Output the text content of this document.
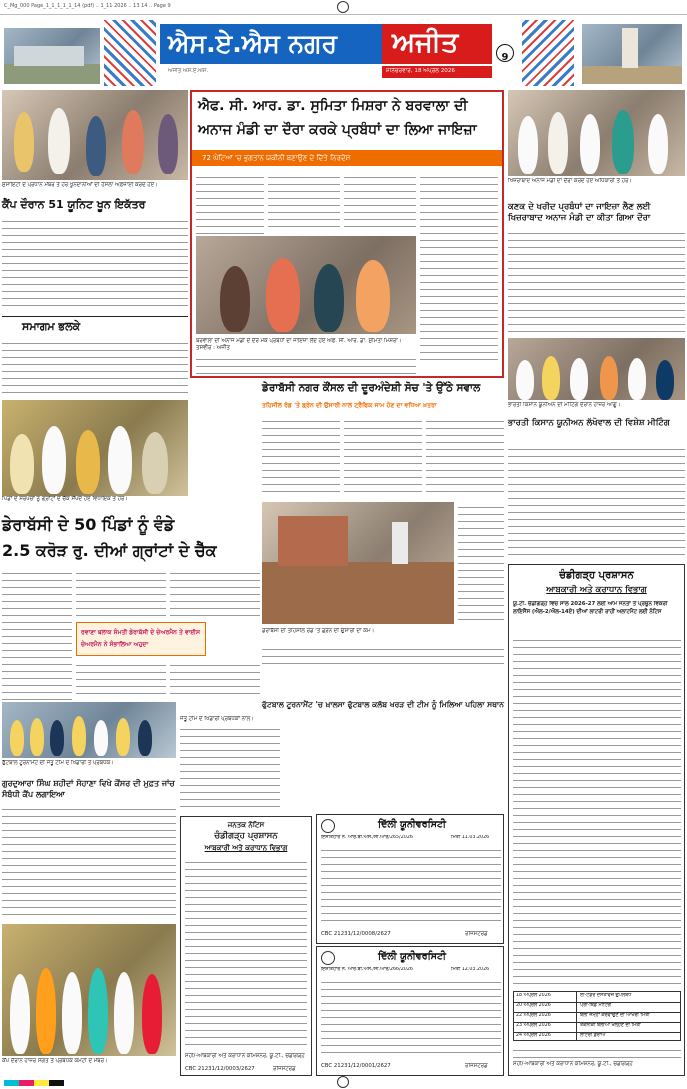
C_Mg_000 Page_1_1_1_1_1_14 (pdf) .. 1_11 2026 .. 13 14 .. Page 9
ਐਸ.ਏ.ਐਸ ਨਗਰ ਅਜੀਤ
ਅਜੀਤ ਐਸ.ਏ.ਐਸ.	ਸ਼ਨਿੱਚਰਵਾਰ, 18 ਅਪ੍ਰੈਲ 2026
9
ਸੁਸਾਇਟੀ ਦੇ ਪ੍ਰਧਾਨ ਮੈਂਬਰ ਤੇ ਹੋਰ ਖੂਨਦਾਨੀਆਂ ਦੀ ਹੌਸਲਾ ਅਫ਼ਜ਼ਾਈ ਕਰਦੇ ਹੋਏ।
ਕੈਂਪ ਦੌਰਾਨ 51 ਯੂਨਿਟ ਖੂਨ ਇਕੱਤਰ
ਸਮਾਗਮ ਭਲਕੇ
ਐਫ. ਸੀ. ਆਰ. ਡਾ. ਸੁਮਿਤਾ ਮਿਸ਼ਰਾ ਨੇ ਬਰਵਾਲਾ ਦੀ
ਅਨਾਜ ਮੰਡੀ ਦਾ ਦੌਰਾ ਕਰਕੇ ਪ੍ਰਬੰਧਾਂ ਦਾ ਲਿਆ ਜਾਇਜ਼ਾ
72 ਘੰਟਿਆਂ 'ਚ ਭੁਗਤਾਨ ਯਕੀਨੀ ਬਣਾਉਣ ਦੇ ਦਿੱਤੇ ਨਿਰਦੇਸ਼
ਬਰਵਾਲਾ ਦੀ ਅਨਾਜ ਮੰਡੀ ਦੇ ਦੌਰੇ ਮੌਕੇ ਪ੍ਰਬੰਧਾਂ ਦਾ ਜਾਇਜ਼ਾ ਲੈਂਦੇ ਹੋਏ ਐਫ. ਸੀ. ਆਰ. ਡਾ. ਸੁਮਿਤਾ ਮਿਸ਼ਰਾ। ਤਸਵੀਰ : ਅਜੀਤ
ਖਿਜ਼ਰਾਬਾਦ ਅਨਾਜ ਮੰਡੀ ਦਾ ਦੌਰਾ ਕਰਦੇ ਹੋਏ ਅਧਿਕਾਰੀ ਤੇ ਹੋਰ।
ਕਣਕ ਦੇ ਖਰੀਦ ਪ੍ਰਬੰਧਾਂ ਦਾ ਜਾਇਜ਼ਾ ਲੈਣ ਲਈ ਖਿਜ਼ਰਾਬਾਦ ਅਨਾਜ ਮੰਡੀ ਦਾ ਕੀਤਾ ਗਿਆ ਦੌਰਾ
ਭਾਰਤੀ ਕਿਸਾਨ ਯੂਨੀਅਨ ਦੀ ਮੀਟਿੰਗ ਦੌਰਾਨ ਹਾਜ਼ਰ ਆਗੂ।
ਭਾਰਤੀ ਕਿਸਾਨ ਯੂਨੀਅਨ ਲੱਖੋਵਾਲ ਦੀ ਵਿਸ਼ੇਸ਼ ਮੀਟਿੰਗ
ਡੇਰਾਬੱਸੀ ਨਗਰ ਕੌਂਸਲ ਦੀ ਦੂਰਅੰਦੇਸ਼ੀ ਸੋਚ 'ਤੇ ਉੱਠੇ ਸਵਾਲ
ਤਹਿਸੀਲ ਰੋਡ 'ਤੇ ਡ੍ਰੇਨ ਦੀ ਉਸਾਰੀ ਨਾਲ ਟ੍ਰੈਫਿਕ ਜਾਮ ਹੋਣ ਦਾ ਵਧਿਆ ਖ਼ਤਰਾ
ਡੇਰਾਬੱਸੀ ਦੀ ਤਹਿਸੀਲ ਰੋਡ 'ਤੇ ਡ੍ਰੇਨ ਦੀ ਉਸਾਰੀ ਦਾ ਕੰਮ।
ਪਿੰਡਾਂ ਦੇ ਸਰਪੰਚਾਂ ਨੂੰ ਗ੍ਰਾਂਟਾਂ ਦੇ ਚੈੱਕ ਸੌਂਪਦੇ ਹੋਏ ਵਿਧਾਇਕ ਤੇ ਹੋਰ।
ਡੇਰਾਬੱਸੀ ਦੇ 50 ਪਿੰਡਾਂ ਨੂੰ ਵੰਡੇ
2.5 ਕਰੋੜ ਰੁ. ਦੀਆਂ ਗ੍ਰਾਂਟਾਂ ਦੇ ਚੈੱਕ
ਰਵਾਣਾ ਬਲਾਕ ਸੰਮਤੀ ਡੇਰਾਬੱਸੀ ਦੇ ਚੇਅਰਮੈਨ ਤੇ ਵਾਈਸ ਚੇਅਰਮੈਨ ਨੇ ਸੰਭਾਲਿਆ ਅਹੁਦਾ
ਫੁੱਟਬਾਲ ਟੂਰਨਾਮੈਂਟ ਦੀ ਜੇਤੂ ਟੀਮ ਦੇ ਖਿਡਾਰੀ ਤੇ ਪ੍ਰਬੰਧਕ।
ਫੁੱਟਬਾਲ ਟੂਰਨਾਮੈਂਟ 'ਚ ਖ਼ਾਲਸਾ ਫੁੱਟਬਾਲ ਕਲੱਬ ਖਰੜ ਦੀ ਟੀਮ ਨੂੰ ਮਿਲਿਆ ਪਹਿਲਾ ਸਥਾਨ
ਜੇਤੂ ਟੀਮ ਦੇ ਖਿਡਾਰੀ ਪ੍ਰਬੰਧਕਾਂ ਨਾਲ।
ਗੁਰਦੁਆਰਾ ਸਿੰਘ ਸ਼ਹੀਦਾਂ ਸੋਹਾਣਾ ਵਿਖੇ ਕੌਂਸਰ ਦੀ ਮੁਫ਼ਤ ਜਾਂਚ ਸੰਬੰਧੀ ਕੈਂਪ ਲਗਾਇਆ
ਕੈਂਪ ਦੌਰਾਨ ਹਾਜ਼ਰ ਸੰਗਤ ਤੇ ਪ੍ਰਬੰਧਕ ਕਮੇਟੀ ਦੇ ਮੈਂਬਰ।
ਜਨਤਕ ਨੋਟਿਸ
ਚੰਡੀਗੜ੍ਹ ਪ੍ਰਸ਼ਾਸਨ
ਆਬਕਾਰੀ ਅਤੇ ਕਰਾਧਾਨ ਵਿਭਾਗ
ਸਹੀ/-ਆਬਕਾਰੀ ਅਤੇ ਕਰਾਧਾਨ ਕਮਿਸ਼ਨਰ, ਯੂ.ਟੀ., ਚੰਡੀਗੜ੍ਹ
CBC 21231/12/0003/2627	ਰਜਿਸਟਰਡ
ਦਿੱਲੀ ਯੂਨੀਵਰਸਿਟੀ
ਇਸ਼ਤਿਹਾਰ ਨੰ. ਆਰ.ਬੀ.ਐਸ./ਸੀ.ਆਰ/265/2026	ਮਿਤੀ 11.03.2026
CBC 21231/12/0008/2627	ਰਜਿਸਟਰਡ
ਦਿੱਲੀ ਯੂਨੀਵਰਸਿਟੀ
ਇਸ਼ਤਿਹਾਰ ਨੰ. ਆਰ.ਬੀ.ਐਸ./ਸੀ.ਆਰ/266/2026	ਮਿਤੀ 12.03.2026
CBC 21231/12/0001/2627	ਰਜਿਸਟਰਡ
ਚੰਡੀਗੜ੍ਹ ਪ੍ਰਸ਼ਾਸਨ
ਆਬਕਾਰੀ ਅਤੇ ਕਰਾਧਾਨ ਵਿਭਾਗ
ਯੂ.ਟੀ. ਚੰਡੀਗੜ੍ਹ ਵਿਚ ਸਾਲ 2026-27 ਲਈ ਆਮ ਜਨਤਾ ਤੋਂ ਪ੍ਰਚੂਨ ਵਿਕਰੀ ਲਾਇਸੈਂਸ (ਐਲ-2/ਐਲ-14ਏ) ਦੀਆਂ ਲਾਟਰੀ ਰਾਹੀਂ ਅਲਾਟਮੈਂਟ ਲਈ ਨੋਟਿਸ
18 ਅਪ੍ਰੈਲ 2026	ਈ-ਟੈਂਡਰ ਦਸਤਾਵੇਜ਼ ਉਪਲਬਧ
20 ਅਪ੍ਰੈਲ 2026	ਪ੍ਰੀ-ਬਿਡ ਮੀਟਿੰਗ
22 ਅਪ੍ਰੈਲ 2026	ਬੋਲੀ ਜਮ੍ਹਾਂ ਕਰਵਾਉਣ ਦੀ ਆਖਰੀ ਮਿਤੀ
23 ਅਪ੍ਰੈਲ 2026	ਤਕਨੀਕੀ ਬੋਲੀਆਂ ਖੋਲ੍ਹਣ ਦੀ ਮਿਤੀ
24 ਅਪ੍ਰੈਲ 2026	ਲਾਟਰੀ ਡਰਾਅ
ਸਹੀ/-ਆਬਕਾਰੀ ਅਤੇ ਕਰਾਧਾਨ ਕਮਿਸ਼ਨਰ, ਯੂ.ਟੀ., ਚੰਡੀਗੜ੍ਹ
